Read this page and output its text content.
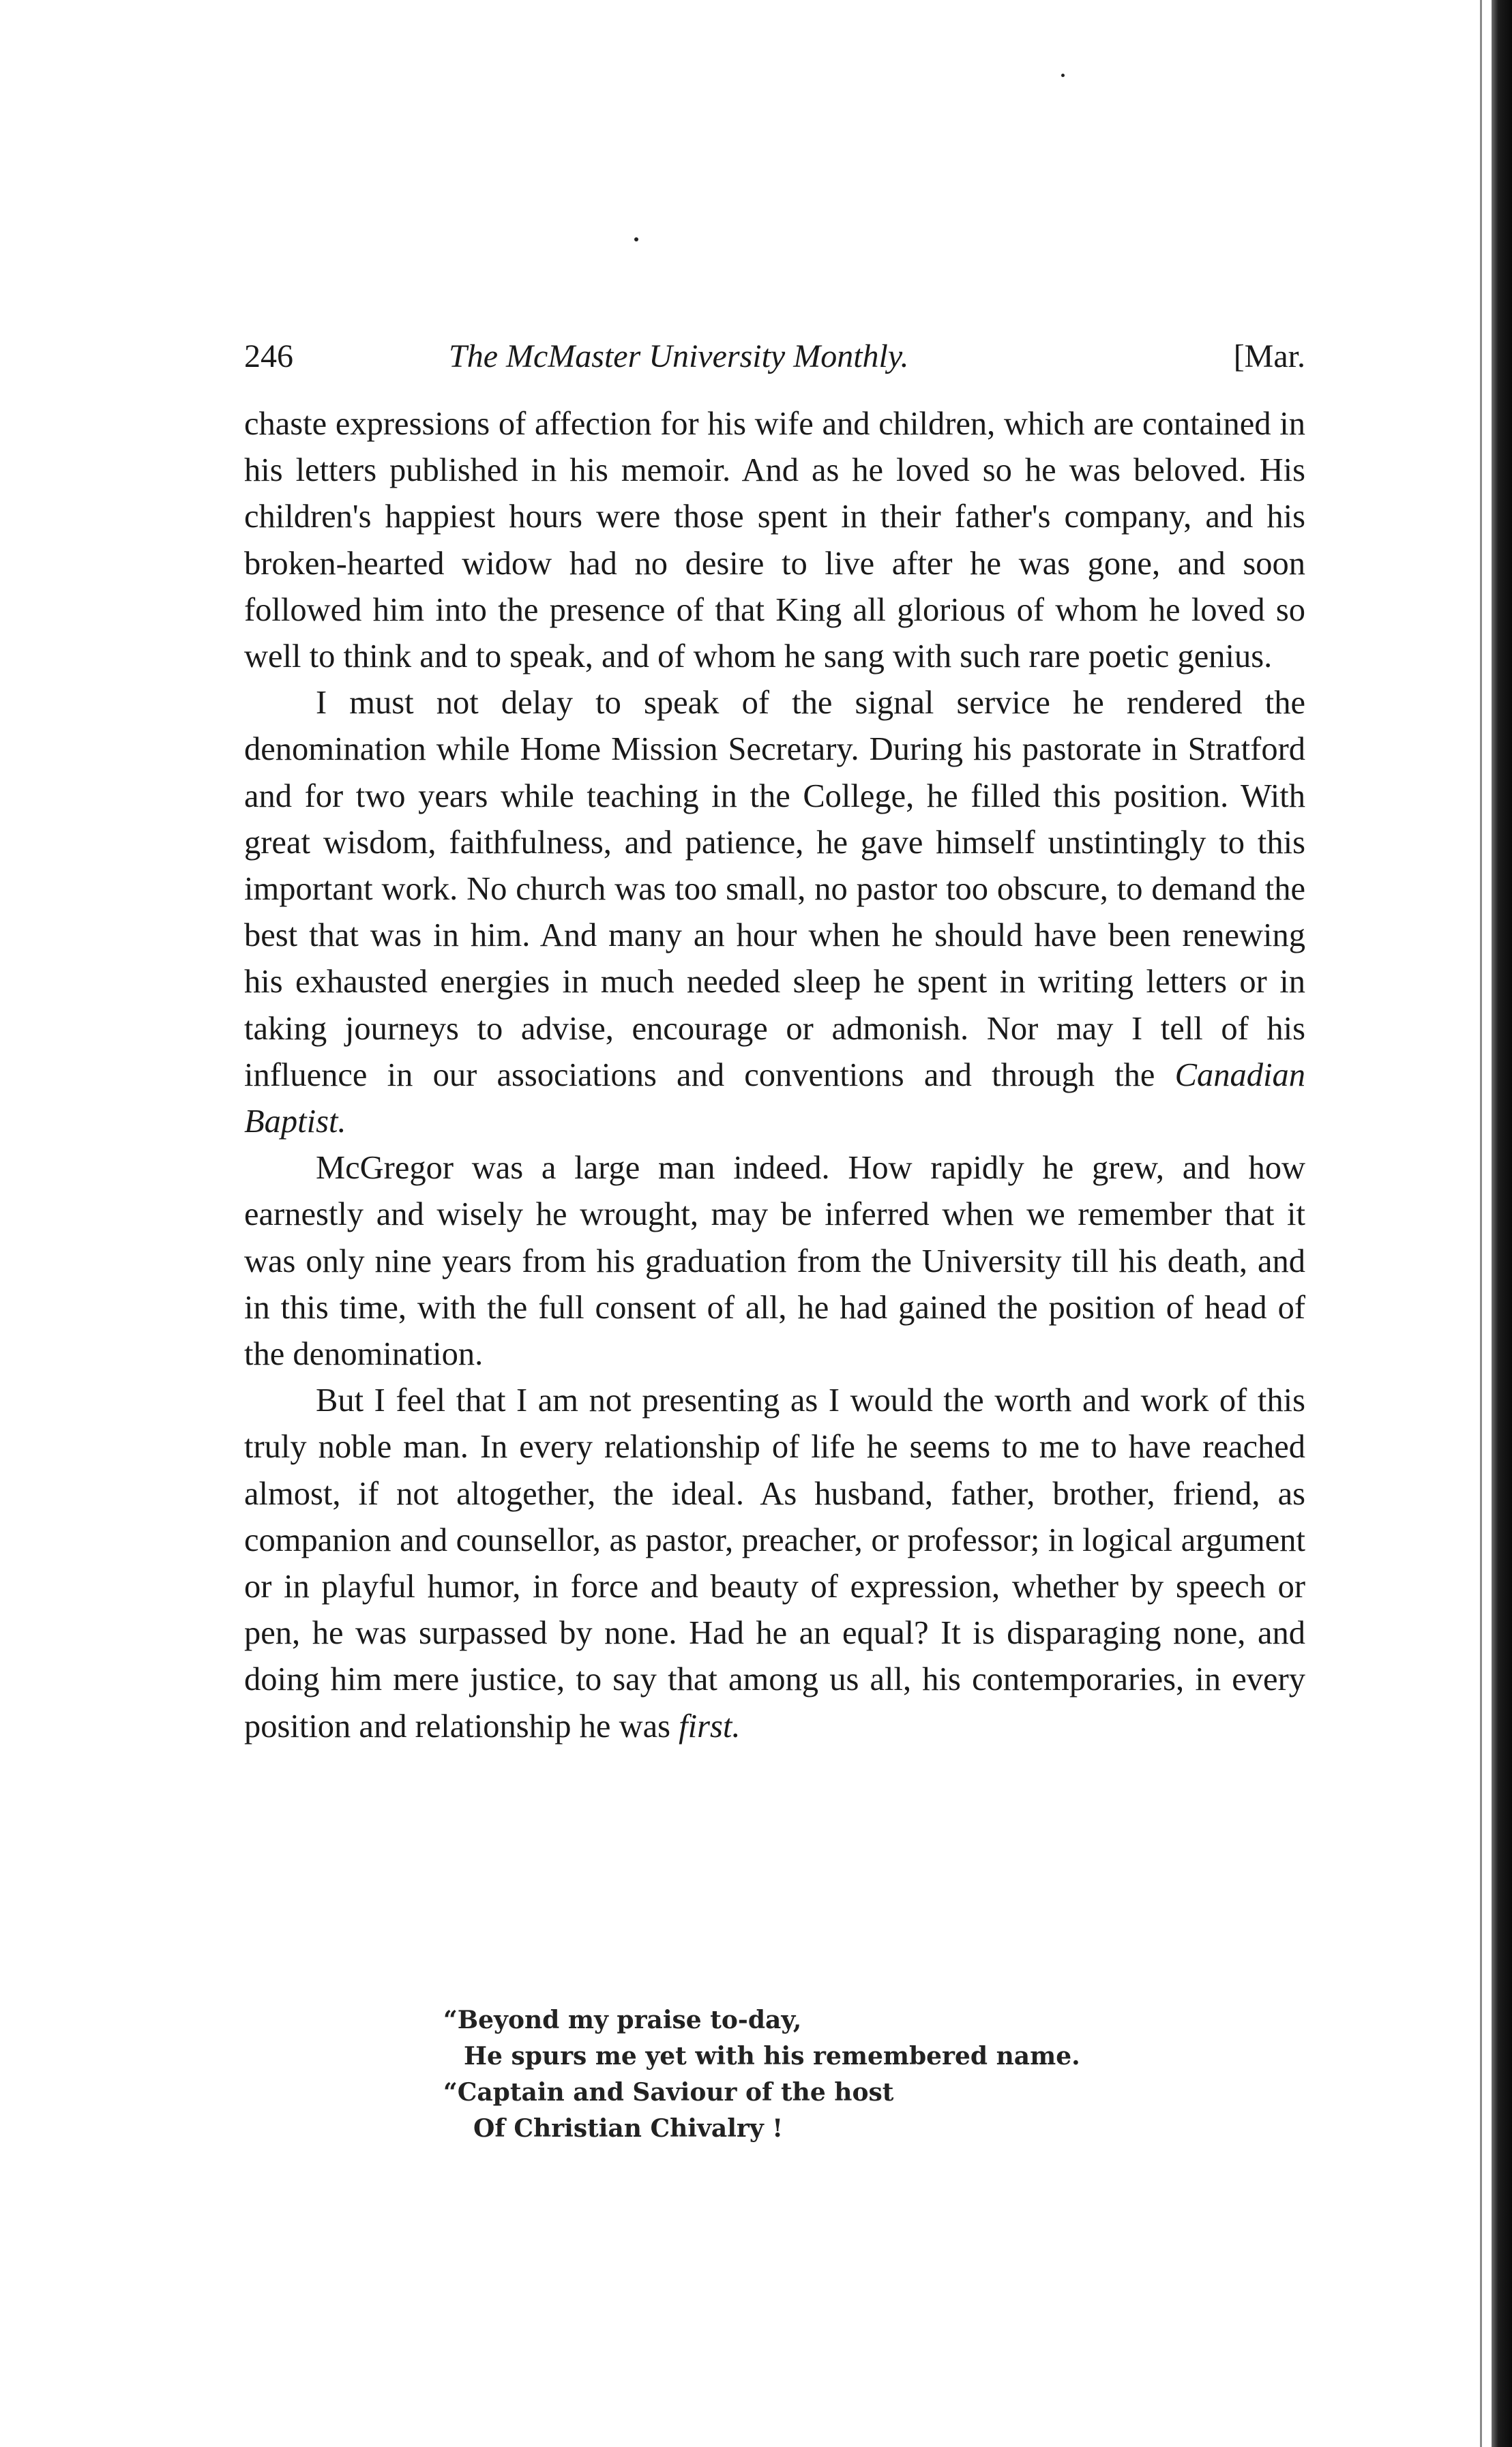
246	The McMaster University Monthly.	[Mar.

chaste expressions of affection for his wife and children, which are contained in his letters published in his memoir. And as he loved so he was beloved. His children's happiest hours were those spent in their father's company, and his broken-hearted widow had no desire to live after he was gone, and soon followed him into the presence of that King all glorious of whom he loved so well to think and to speak, and of whom he sang with such rare poetic genius.

I must not delay to speak of the signal service he rendered the denomination while Home Mission Secretary. During his pastorate in Stratford and for two years while teaching in the College, he filled this position. With great wisdom, faithfulness, and patience, he gave himself unstintingly to this important work. No church was too small, no pastor too obscure, to demand the best that was in him. And many an hour when he should have been renewing his exhausted energies in much needed sleep he spent in writing letters or in taking journeys to advise, encourage or admonish. Nor may I tell of his influence in our associations and conventions and through the Canadian Baptist.

McGregor was a large man indeed. How rapidly he grew, and how earnestly and wisely he wrought, may be inferred when we remember that it was only nine years from his graduation from the University till his death, and in this time, with the full consent of all, he had gained the position of head of the denomination.

But I feel that I am not presenting as I would the worth and work of this truly noble man. In every relationship of life he seems to me to have reached almost, if not altogether, the ideal. As husband, father, brother, friend, as companion and counsellor, as pastor, preacher, or professor; in logical argument or in playful humor, in force and beauty of expression, whether by speech or pen, he was surpassed by none. Had he an equal? It is disparaging none, and doing him mere justice, to say that among us all, his contemporaries, in every position and relationship he was first.

“Beyond my praise to-day,
He spurs me yet with his remembered name.
“Captain and Saviour of the host
Of Christian Chivalry !
